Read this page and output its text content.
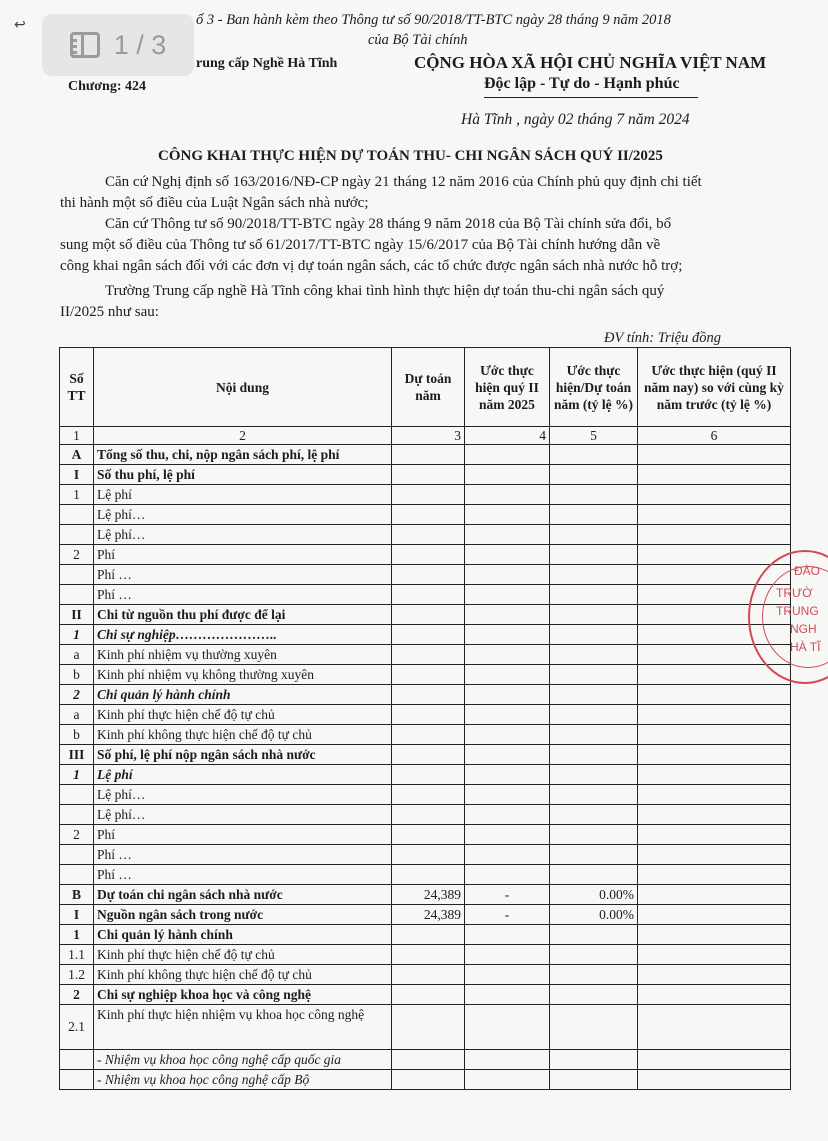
↩
1 / 3
ổ 3 - Ban hành kèm theo Thông tư số 90/2018/TT-BTC ngày 28 tháng 9 năm 2018
của Bộ Tài chính
rung cấp Nghề Hà Tĩnh
Chương: 424
CỘNG HÒA XÃ HỘI CHỦ NGHĨA VIỆT NAM
Độc lập - Tự do - Hạnh phúc
Hà Tĩnh , ngày 02 tháng 7 năm 2024
CÔNG KHAI THỰC HIỆN DỰ TOÁN THU- CHI NGÂN SÁCH QUÝ II/2025
Căn cứ Nghị định số 163/2016/NĐ-CP ngày 21 tháng 12 năm 2016 của Chính phủ quy định chi tiết
thi hành một số điều của Luật Ngân sách nhà nước;
Căn cứ Thông tư số 90/2018/TT-BTC ngày 28 tháng 9 năm 2018 của Bộ Tài chính sửa đổi, bổ
sung một số điều của Thông tư số 61/2017/TT-BTC ngày 15/6/2017 của Bộ Tài chính hướng dẫn về
công khai ngân sách đối với các đơn vị dự toán ngân sách, các tổ chức được ngân sách nhà nước hỗ trợ;
Trường Trung cấp nghề Hà Tĩnh công khai tình hình thực hiện dự toán thu-chi ngân sách quý
II/2025 như sau:
ĐV tính: Triệu đồng
Số TT	Nội dung	Dự toán năm	Ước thực hiện quý II năm 2025	Ước thực hiện/Dự toán năm (tỷ lệ %)	Ước thực hiện (quý II năm nay) so với cùng kỳ năm trước (tỷ lệ %)
1	2	3	4	5	6
A	Tổng số thu, chi, nộp ngân sách phí, lệ phí				
I	Số thu phí, lệ phí				
1	Lệ phí				
	Lệ phí…				
	Lệ phí…				
2	Phí				
	Phí …				
	Phí …				
II	Chi từ nguồn thu phí được để lại				
1	Chi sự nghiệp…………………..				
a	Kinh phí nhiệm vụ thường xuyên				
b	Kinh phí nhiệm vụ không thường xuyên				
2	Chi quản lý hành chính				
a	Kinh phí thực hiện chế độ tự chủ				
b	Kinh phí không thực hiện chế độ tự chủ				
III	Số phí, lệ phí nộp ngân sách nhà nước				
1	Lệ phí				
	Lệ phí…				
	Lệ phí…				
2	Phí				
	Phí …				
	Phí …				
B	Dự toán chi ngân sách nhà nước	24,389	-	0.00%	
I	Nguồn ngân sách trong nước	24,389	-	0.00%	
1	Chi quản lý hành chính				
1.1	Kinh phí thực hiện chế độ tự chủ				
1.2	Kinh phí không thực hiện chế độ tự chủ				
2	Chi sự nghiệp khoa học và công nghệ				
2.1	Kinh phí thực hiện nhiệm vụ khoa học công nghệ				
	- Nhiệm vụ khoa học công nghệ cấp quốc gia				
	- Nhiệm vụ khoa học công nghệ cấp Bộ				
ĐÀO
TRƯỜ
TRUNG
NGH
HÀ TĨ
